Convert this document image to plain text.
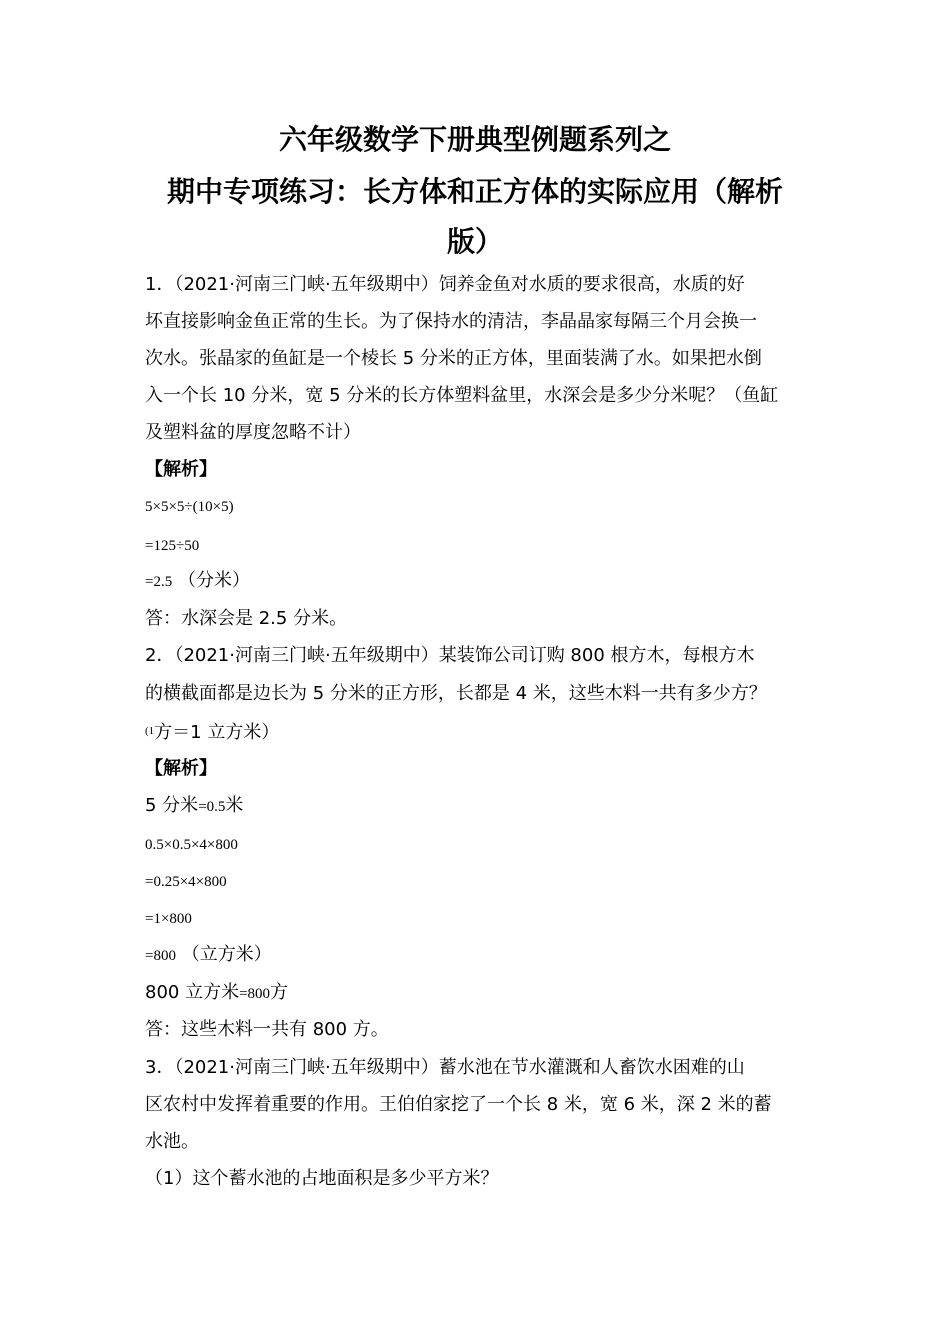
六年级数学下册典型例题系列之
期中专项练习：长方体和正方体的实际应用（解析
版）
1．（2021·河南三门峡·五年级期中）饲养金鱼对水质的要求很高，水质的好
坏直接影响金鱼正常的生长。为了保持水的清洁，李晶晶家每隔三个月会换一
次水。张晶家的鱼缸是一个棱长 5 分米的正方体，里面装满了水。如果把水倒
入一个长 10 分米，宽 5 分米的长方体塑料盆里，水深会是多少分米呢？（鱼缸
及塑料盆的厚度忽略不计）
【解析】
5×5×5÷(10×5)
=125÷50
=2.5 （分米）
答：水深会是 2.5 分米。
2．（2021·河南三门峡·五年级期中）某装饰公司订购 800 根方木，每根方木
的横截面都是边长为 5 分米的正方形，长都是 4 米，这些木料一共有多少方？
$^{(1}$方＝1 立方米）
【解析】
5 分米=0.5米
0.5×0.5×4×800
=0.25×4×800
=1×800
=800 （立方米）
800 立方米=800方
答：这些木料一共有 800 方。
3．（2021·河南三门峡·五年级期中）蓄水池在节水灌溉和人畜饮水困难的山
区农村中发挥着重要的作用。王伯伯家挖了一个长 8 米，宽 6 米，深 2 米的蓄
水池。
（1）这个蓄水池的占地面积是多少平方米？
